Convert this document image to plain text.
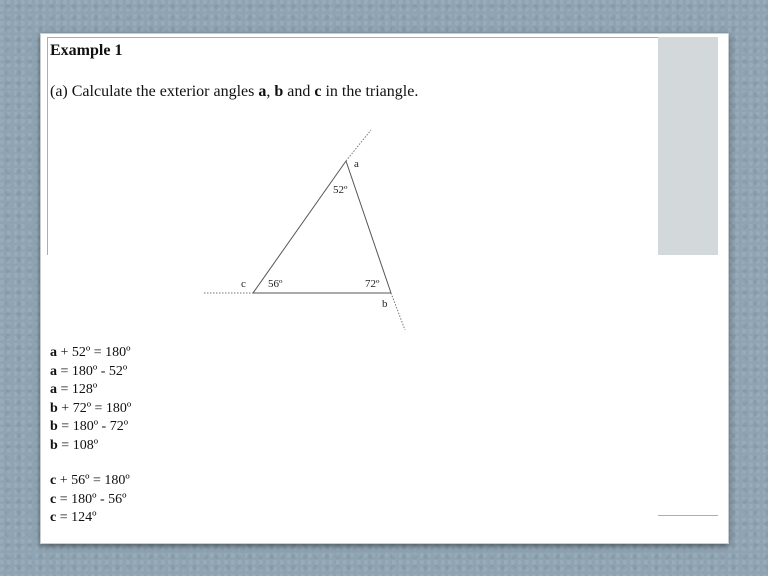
Example 1

(a) Calculate the exterior angles a, b and c in the triangle.

52º
56º	72º
a
c
b
a + 52º = 180º
a = 180º - 52º
a = 128º
b + 72º = 180º
b = 180º - 72º
b = 108º
c + 56º = 180º
c = 180º - 56º
c = 124º
